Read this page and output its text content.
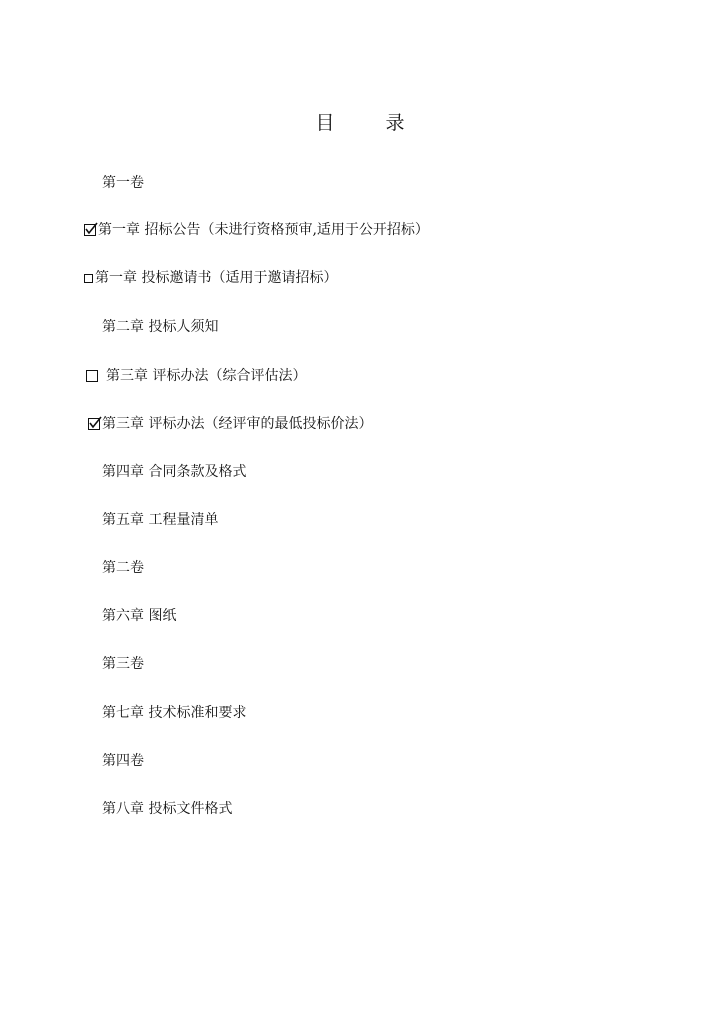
目　录
第一卷
第一章 招标公告（未进行资格预审,适用于公开招标）
第一章 投标邀请书（适用于邀请招标）
第二章 投标人须知
第三章 评标办法（综合评估法）
第三章 评标办法（经评审的最低投标价法）
第四章 合同条款及格式
第五章 工程量清单
第二卷
第六章 图纸
第三卷
第七章 技术标准和要求
第四卷
第八章 投标文件格式
